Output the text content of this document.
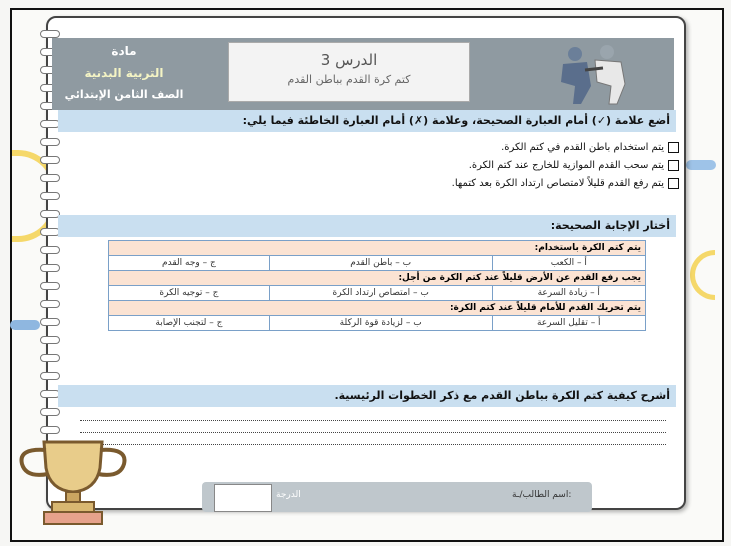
مادة
التربية البدنية
الصف الثامن الإبتدائي
الدرس 3
كتم كرة القدم بباطن القدم
أضع علامة (✓) أمام العبارة الصحيحة، وعلامة (✗) أمام العبارة الخاطئة فيما يلي:
يتم استخدام باطن القدم في كتم الكرة.
يتم سحب القدم الموازية للخارج عند كتم الكرة.
يتم رفع القدم قليلاً لامتصاص ارتداد الكرة بعد كتمها.
أختار الإجابة الصحيحة:
يتم كتم الكرة باستخدام:		
أ – الكعب	ب – باطن القدم	ج – وجه القدم
يجب رفع القدم عن الأرض قليلاً عند كتم الكرة من أجل:		
أ – زيادة السرعة	ب – امتصاص ارتداد الكرة	ج – توجيه الكرة
يتم تحريك القدم للأمام قليلاً عند كتم الكرة:		
أ – تقليل السرعة	ب – لزيادة قوة الركلة	ج – لتجنب الإصابة
أشرح كيفية كتم الكرة بباطن القدم مع ذكر الخطوات الرئيسية.
الدرجة	اسم الطالب/ـة:
